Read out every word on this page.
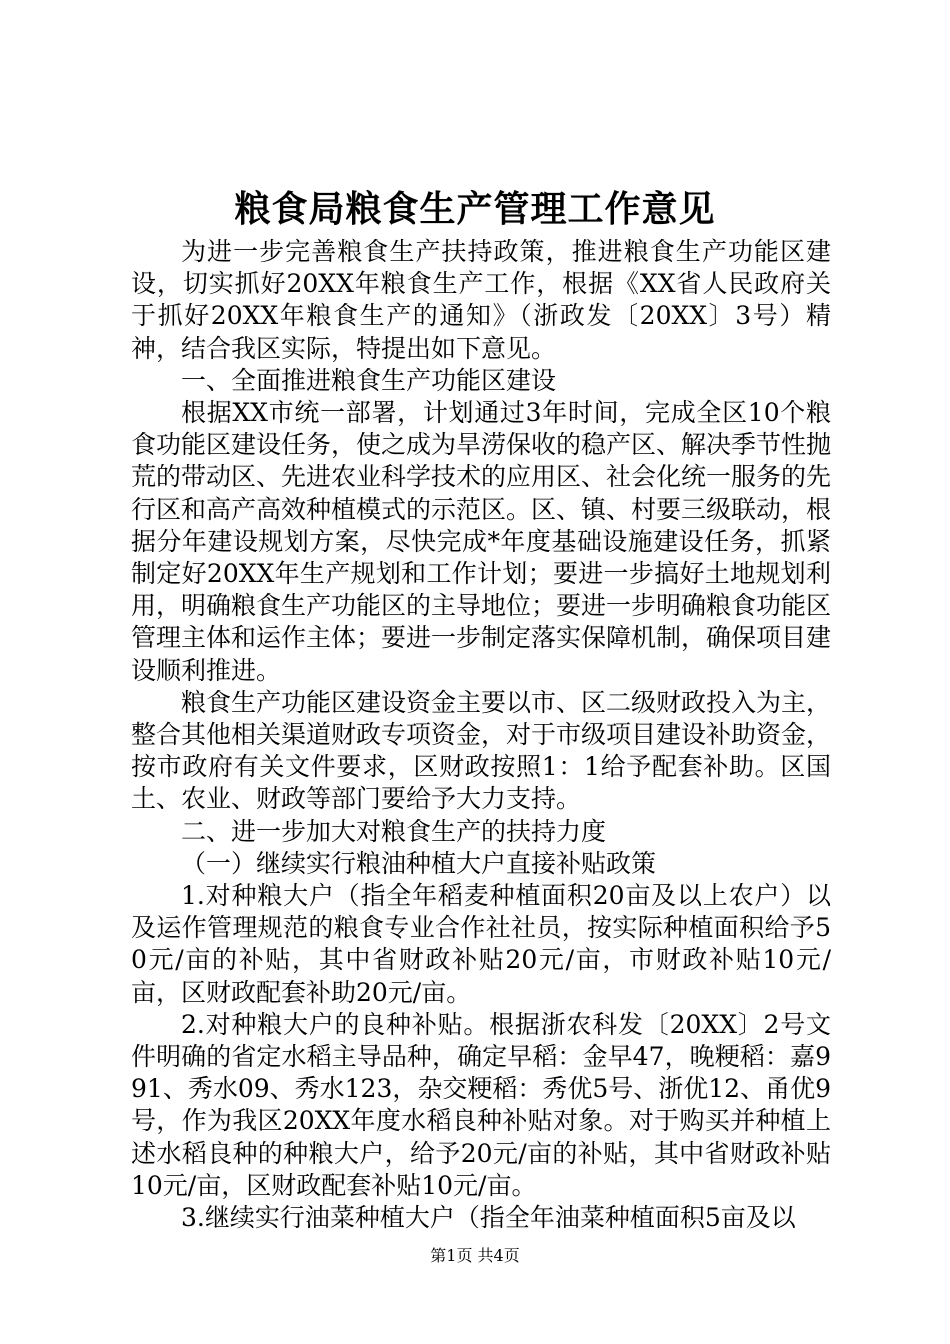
粮食局粮食生产管理工作意见

为进一步完善粮食生产扶持政策，推进粮食生产功能区建设，切实抓好20XX年粮食生产工作，根据《XX省人民政府关于抓好20XX年粮食生产的通知》（浙政发〔20XX〕3号）精神，结合我区实际，特提出如下意见。

一、全面推进粮食生产功能区建设

根据XX市统一部署，计划通过3年时间，完成全区10个粮食功能区建设任务，使之成为旱涝保收的稳产区、解决季节性抛荒的带动区、先进农业科学技术的应用区、社会化统一服务的先行区和高产高效种植模式的示范区。区、镇、村要三级联动，根据分年建设规划方案，尽快完成*年度基础设施建设任务，抓紧制定好20XX年生产规划和工作计划；要进一步搞好土地规划利用，明确粮食生产功能区的主导地位；要进一步明确粮食功能区管理主体和运作主体；要进一步制定落实保障机制，确保项目建设顺利推进。

粮食生产功能区建设资金主要以市、区二级财政投入为主，整合其他相关渠道财政专项资金，对于市级项目建设补助资金，按市政府有关文件要求，区财政按照1：1给予配套补助。区国土、农业、财政等部门要给予大力支持。

二、进一步加大对粮食生产的扶持力度

（一）继续实行粮油种植大户直接补贴政策

1.对种粮大户（指全年稻麦种植面积20亩及以上农户）以及运作管理规范的粮食专业合作社社员，按实际种植面积给予50元/亩的补贴，其中省财政补贴20元/亩，市财政补贴10元/亩，区财政配套补助20元/亩。

2.对种粮大户的良种补贴。根据浙农科发〔20XX〕2号文件明确的省定水稻主导品种，确定早稻：金早47，晚粳稻：嘉991、秀水09、秀水123，杂交粳稻：秀优5号、浙优12、甬优9号，作为我区20XX年度水稻良种补贴对象。对于购买并种植上述水稻良种的种粮大户，给予20元/亩的补贴，其中省财政补贴10元/亩，区财政配套补贴10元/亩。

3.继续实行油菜种植大户（指全年油菜种植面积5亩及以

第1页 共4页
